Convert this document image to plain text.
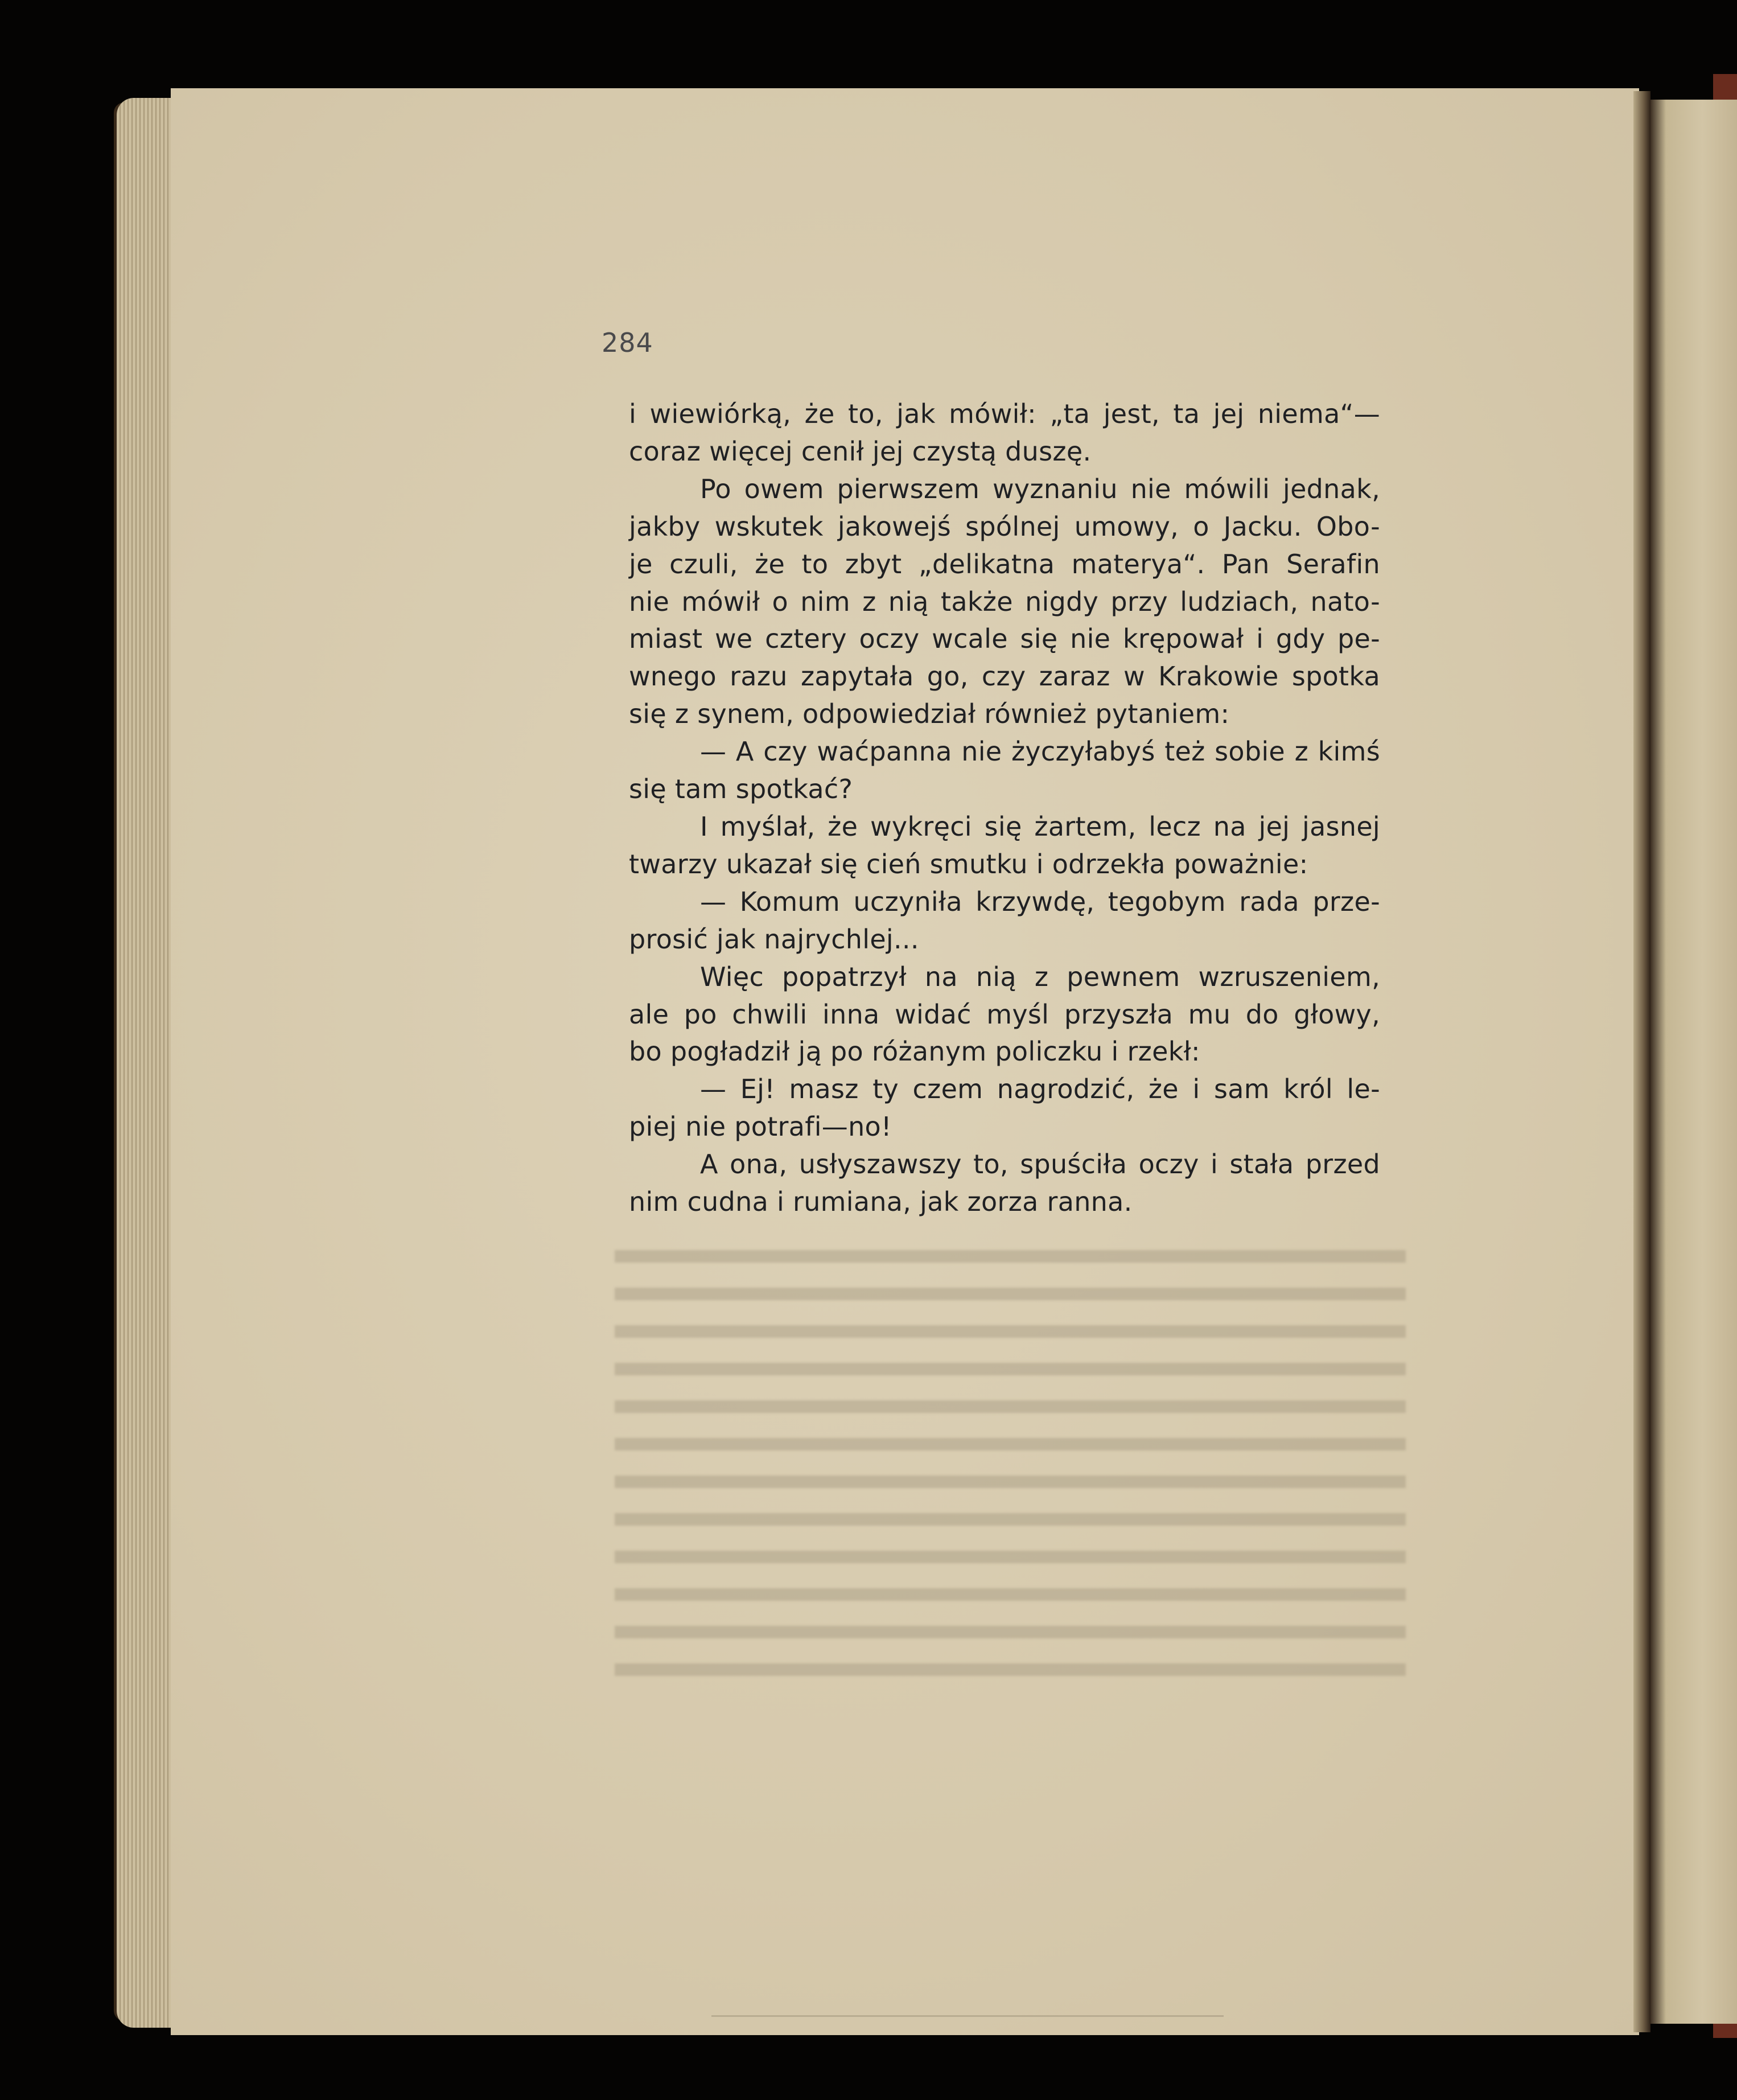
284
i wiewiórką, że to, jak mówił: „ta jest, ta jej niema“—
coraz więcej cenił jej czystą duszę.
Po owem pierwszem wyznaniu nie mówili jednak,
jakby wskutek jakowejś spólnej umowy, o Jacku. Obo-
je czuli, że to zbyt „delikatna materya“. Pan Serafin
nie mówił o nim z nią także nigdy przy ludziach, nato-
miast we cztery oczy wcale się nie krępował i gdy pe-
wnego razu zapytała go, czy zaraz w Krakowie spotka
się z synem, odpowiedział również pytaniem:
— A czy waćpanna nie życzyłabyś też sobie z kimś
się tam spotkać?
I myślał, że wykręci się żartem, lecz na jej jasnej
twarzy ukazał się cień smutku i odrzekła poważnie:
— Komum uczyniła krzywdę, tegobym rada prze-
prosić jak najrychlej...
Więc popatrzył na nią z pewnem wzruszeniem,
ale po chwili inna widać myśl przyszła mu do głowy,
bo pogładził ją po różanym policzku i rzekł:
— Ej! masz ty czem nagrodzić, że i sam król le-
piej nie potrafi—no!
A ona, usłyszawszy to, spuściła oczy i stała przed
nim cudna i rumiana, jak zorza ranna.
